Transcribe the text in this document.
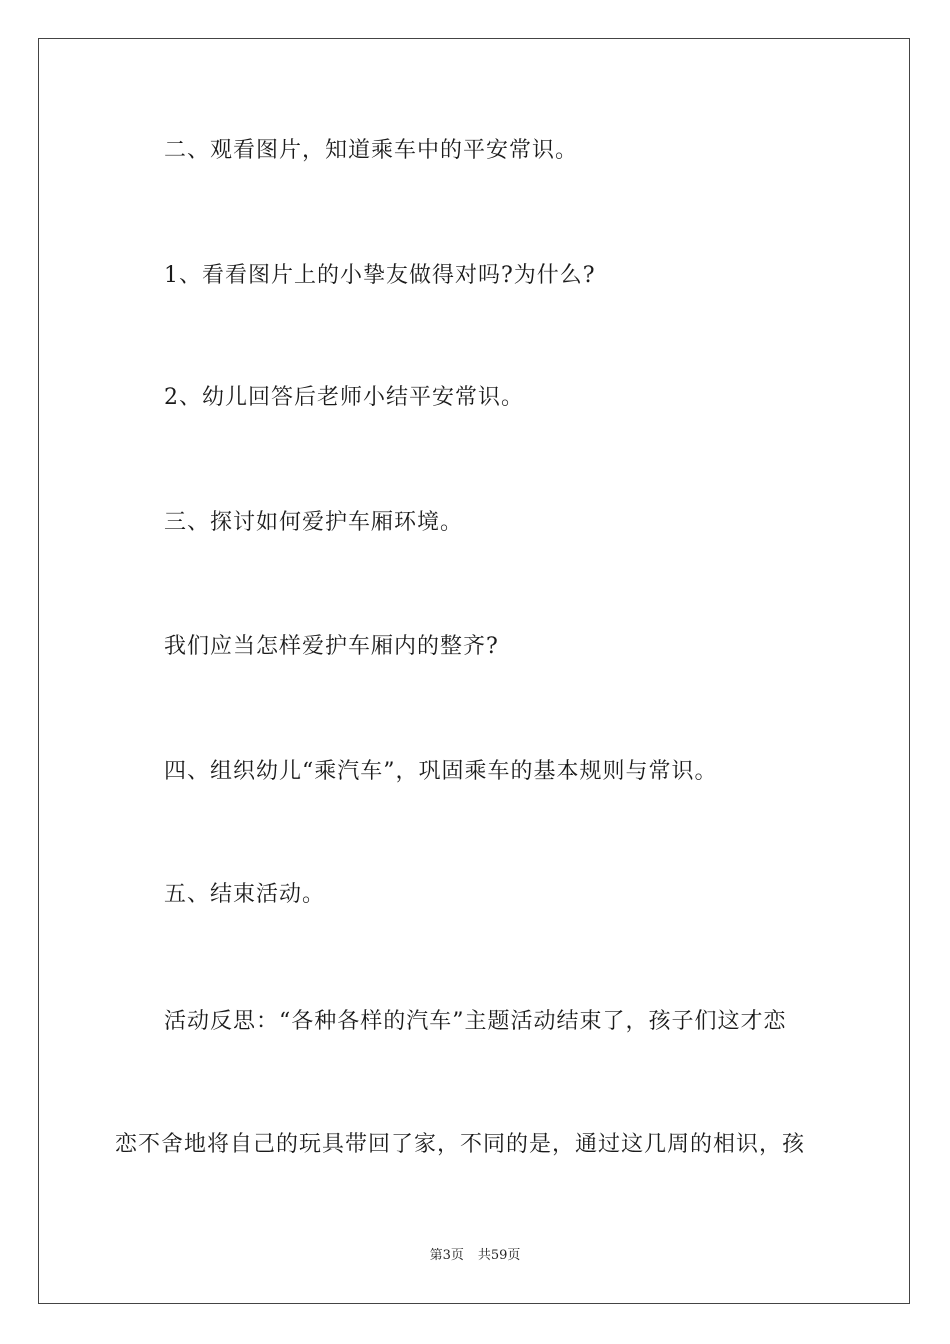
二、观看图片，知道乘车中的平安常识。
1、看看图片上的小挚友做得对吗?为什么?
2、幼儿回答后老师小结平安常识。
三、探讨如何爱护车厢环境。
我们应当怎样爱护车厢内的整齐?
四、组织幼儿“乘汽车”，巩固乘车的基本规则与常识。
五、结束活动。
活动反思：“各种各样的汽车”主题活动结束了，孩子们这才恋
恋不舍地将自己的玩具带回了家，不同的是，通过这几周的相识，孩
第3页 共59页
